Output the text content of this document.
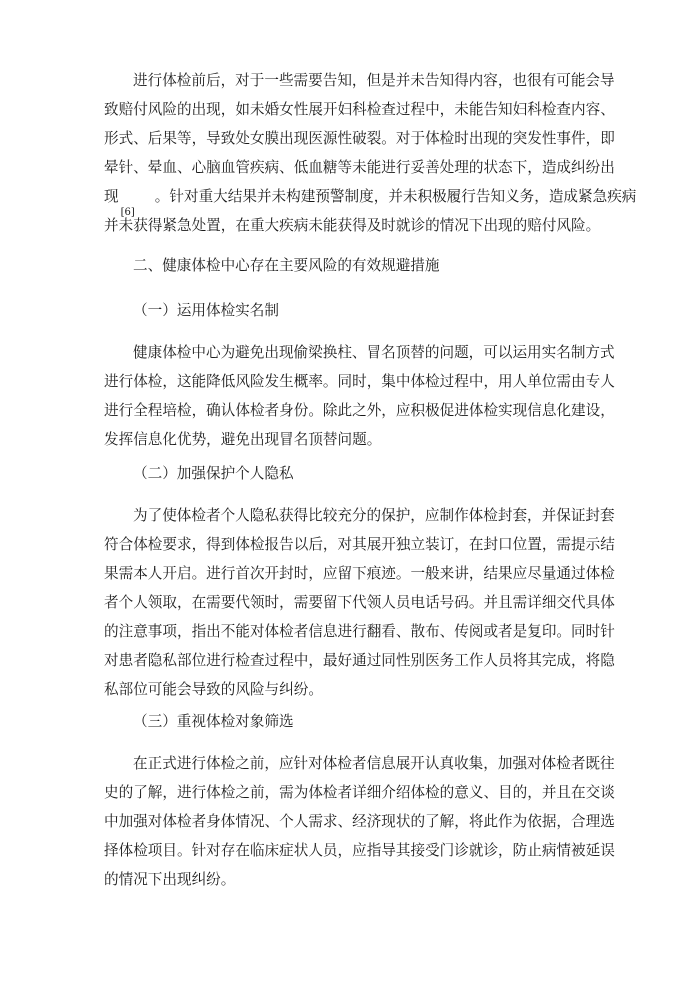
进行体检前后，对于一些需要告知，但是并未告知得内容，也很有可能会导
致赔付风险的出现，如未婚女性展开妇科检查过程中，未能告知妇科检查内容、
形式、后果等，导致处女膜出现医源性破裂。对于体检时出现的突发性事件，即
晕针、晕血、心脑血管疾病、低血糖等未能进行妥善处理的状态下，造成纠纷出
现$_{[6]}$。针对重大结果并未构建预警制度，并未积极履行告知义务，造成紧急疾病
并未获得紧急处置，在重大疾病未能获得及时就诊的情况下出现的赔付风险。

二、健康体检中心存在主要风险的有效规避措施

（一）运用体检实名制

健康体检中心为避免出现偷梁换柱、冒名顶替的问题，可以运用实名制方式
进行体检，这能降低风险发生概率。同时，集中体检过程中，用人单位需由专人
进行全程培检，确认体检者身份。除此之外，应积极促进体检实现信息化建设，
发挥信息化优势，避免出现冒名顶替问题。

（二）加强保护个人隐私

为了使体检者个人隐私获得比较充分的保护，应制作体检封套，并保证封套
符合体检要求，得到体检报告以后，对其展开独立装订，在封口位置，需提示结
果需本人开启。进行首次开封时，应留下痕迹。一般来讲，结果应尽量通过体检
者个人领取，在需要代领时，需要留下代领人员电话号码。并且需详细交代具体
的注意事项，指出不能对体检者信息进行翻看、散布、传阅或者是复印。同时针
对患者隐私部位进行检查过程中，最好通过同性别医务工作人员将其完成，将隐
私部位可能会导致的风险与纠纷。

（三）重视体检对象筛选

在正式进行体检之前，应针对体检者信息展开认真收集，加强对体检者既往
史的了解，进行体检之前，需为体检者详细介绍体检的意义、目的，并且在交谈
中加强对体检者身体情况、个人需求、经济现状的了解，将此作为依据，合理选
择体检项目。针对存在临床症状人员，应指导其接受门诊就诊，防止病情被延误
的情况下出现纠纷。
